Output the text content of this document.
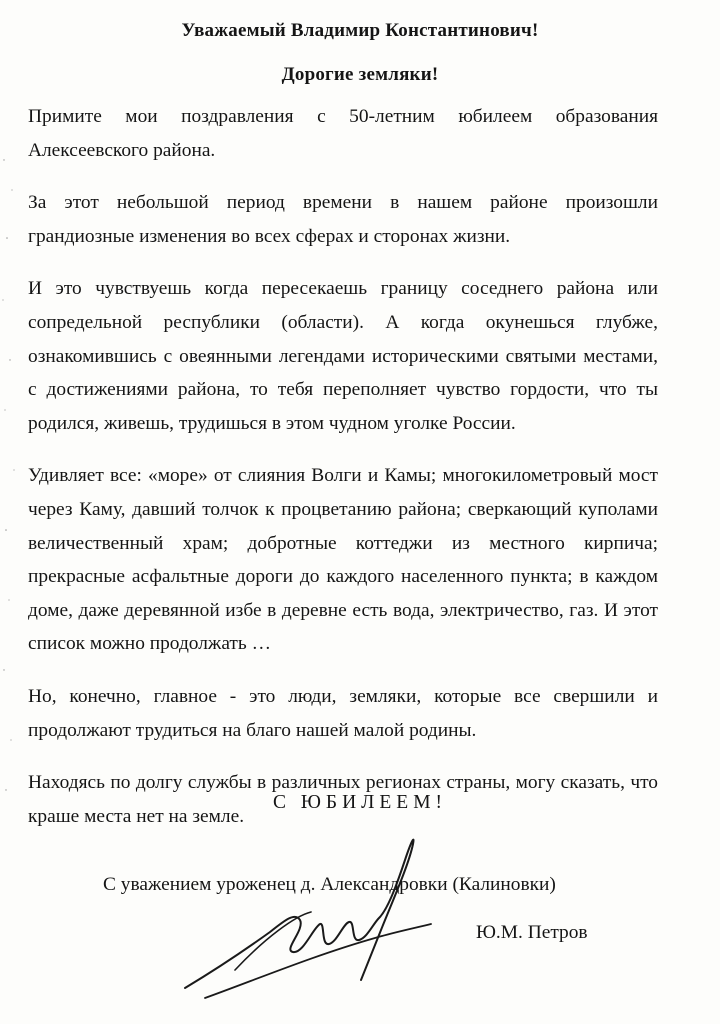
Уважаемый Владимир Константинович!
Дорогие земляки!

Примите мои поздравления с 50-летним юбилеем образования Алексеевского района.

За этот небольшой период времени в нашем районе произошли грандиозные изменения во всех сферах и сторонах жизни.

И это чувствуешь когда пересекаешь границу соседнего района или сопредельной республики (области). А когда окунешься глубже, ознакомившись с овеянными легендами историческими святыми местами, с достижениями района, то тебя переполняет чувство гордости, что ты родился, живешь, трудишься в этом чудном уголке России.

Удивляет все: «море» от слияния Волги и Камы; многокилометровый мост через Каму, давший толчок к процветанию района; сверкающий куполами величественный храм; добротные коттеджи из местного кирпича; прекрасные асфальтные дороги до каждого населенного пункта; в каждом доме, даже деревянной избе в деревне есть вода, электричество, газ. И этот список можно продолжать …

Но, конечно, главное - это люди, земляки, которые все свершили и продолжают трудиться на благо нашей малой родины.

Находясь по долгу службы в различных регионах страны, могу сказать, что краше места нет на земле.

С ЮБИЛЕЕМ!
С уважением уроженец д. Александровки (Калиновки)
Ю.М. Петров
